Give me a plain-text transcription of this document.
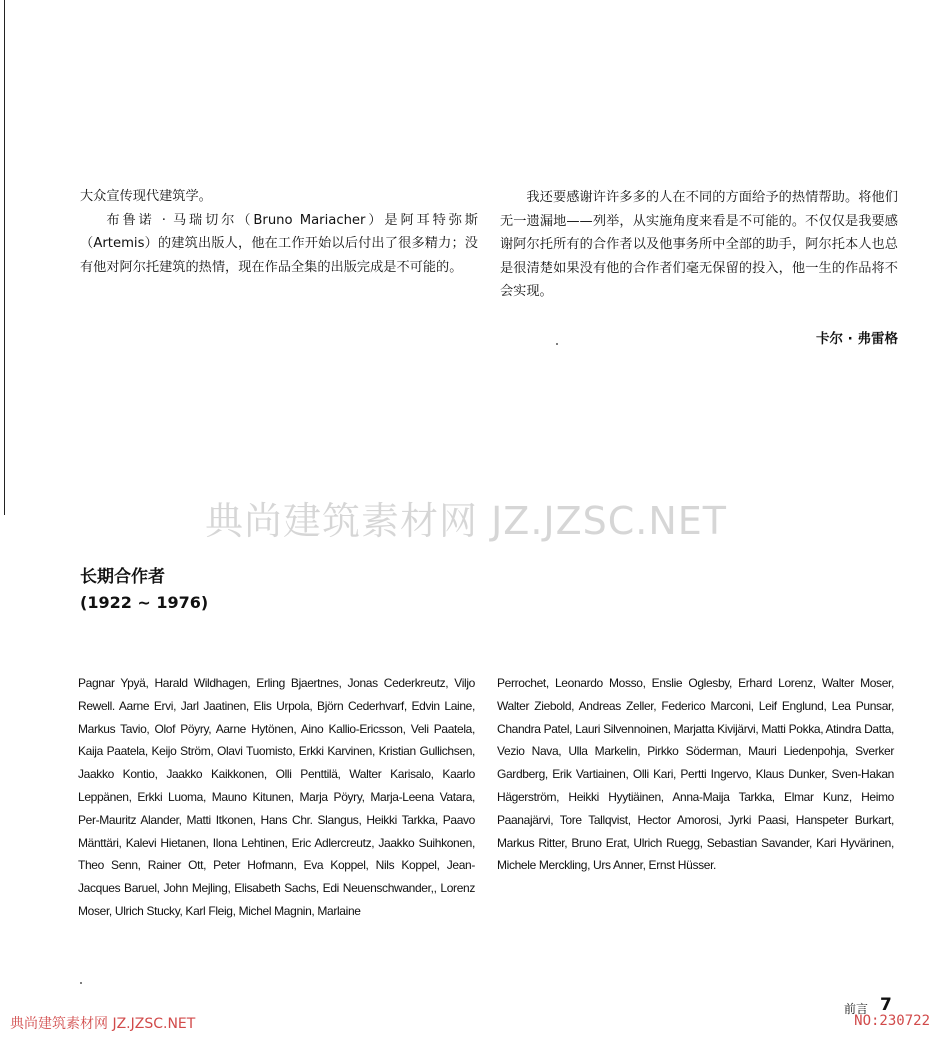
大众宣传现代建筑学。

布鲁诺 · 马瑞切尔（Bruno Mariacher）是阿耳特弥斯（Artemis）的建筑出版人，他在工作开始以后付出了很多精力；没有他对阿尔托建筑的热情，现在作品全集的出版完成是不可能的。

我还要感谢许许多多的人在不同的方面给予的热情帮助。将他们无一遗漏地——列举，从实施角度来看是不可能的。不仅仅是我要感谢阿尔托所有的合作者以及他事务所中全部的助手，阿尔托本人也总是很清楚如果没有他的合作者们毫无保留的投入，他一生的作品将不会实现。

卡尔 · 弗雷格
典尚建筑素材网 JZ.JZSC.NET
长期合作者
(1922 ~ 1976)
Pagnar Ypyä, Harald Wildhagen, Erling Bjaertnes, Jonas Cederkreutz, Viljo Rewell. Aarne Ervi, Jarl Jaatinen, Elis Urpola, Björn Cederhvarf, Edvin Laine, Markus Tavio, Olof Pöyry, Aarne Hytönen, Aino Kallio-Ericsson, Veli Paatela, Kaija Paatela, Keijo Ström, Olavi Tuomisto, Erkki Karvinen, Kristian Gullichsen, Jaakko Kontio, Jaakko Kaikkonen, Olli Penttilä, Walter Karisalo, Kaarlo Leppänen, Erkki Luoma, Mauno Kitunen, Marja Pöyry, Marja-Leena Vatara, Per-Mauritz Alander, Matti Itkonen, Hans Chr. Slangus, Heikki Tarkka, Paavo Mänttäri, Kalevi Hietanen, Ilona Lehtinen, Eric Adlercreutz, Jaakko Suihkonen, Theo Senn, Rainer Ott, Peter Hofmann, Eva Koppel, Nils Koppel, Jean-Jacques Baruel, John Mejling, Elisabeth Sachs, Edi Neuenschwander,, Lorenz Moser, Ulrich Stucky, Karl Fleig, Michel Magnin, Marlaine
Perrochet, Leonardo Mosso, Enslie Oglesby, Erhard Lorenz, Walter Moser, Walter Ziebold, Andreas Zeller, Federico Marconi, Leif Englund, Lea Punsar, Chandra Patel, Lauri Silvennoinen, Marjatta Kivijärvi, Matti Pokka, Atindra Datta, Vezio Nava, Ulla Markelin, Pirkko Söderman, Mauri Liedenpohja, Sverker Gardberg, Erik Vartiainen, Olli Kari, Pertti Ingervo, Klaus Dunker, Sven-Hakan Hägerström, Heikki Hyytiäinen, Anna-Maija Tarkka, Elmar Kunz, Heimo Paanajärvi, Tore Tallqvist, Hector Amorosi, Jyrki Paasi, Hanspeter Burkart, Markus Ritter, Bruno Erat, Ulrich Ruegg, Sebastian Savander, Kari Hyvärinen, Michele Merckling, Urs Anner, Ernst Hüsser.
前言 7
典尚建筑素材网 JZ.JZSC.NET	NO:230722
